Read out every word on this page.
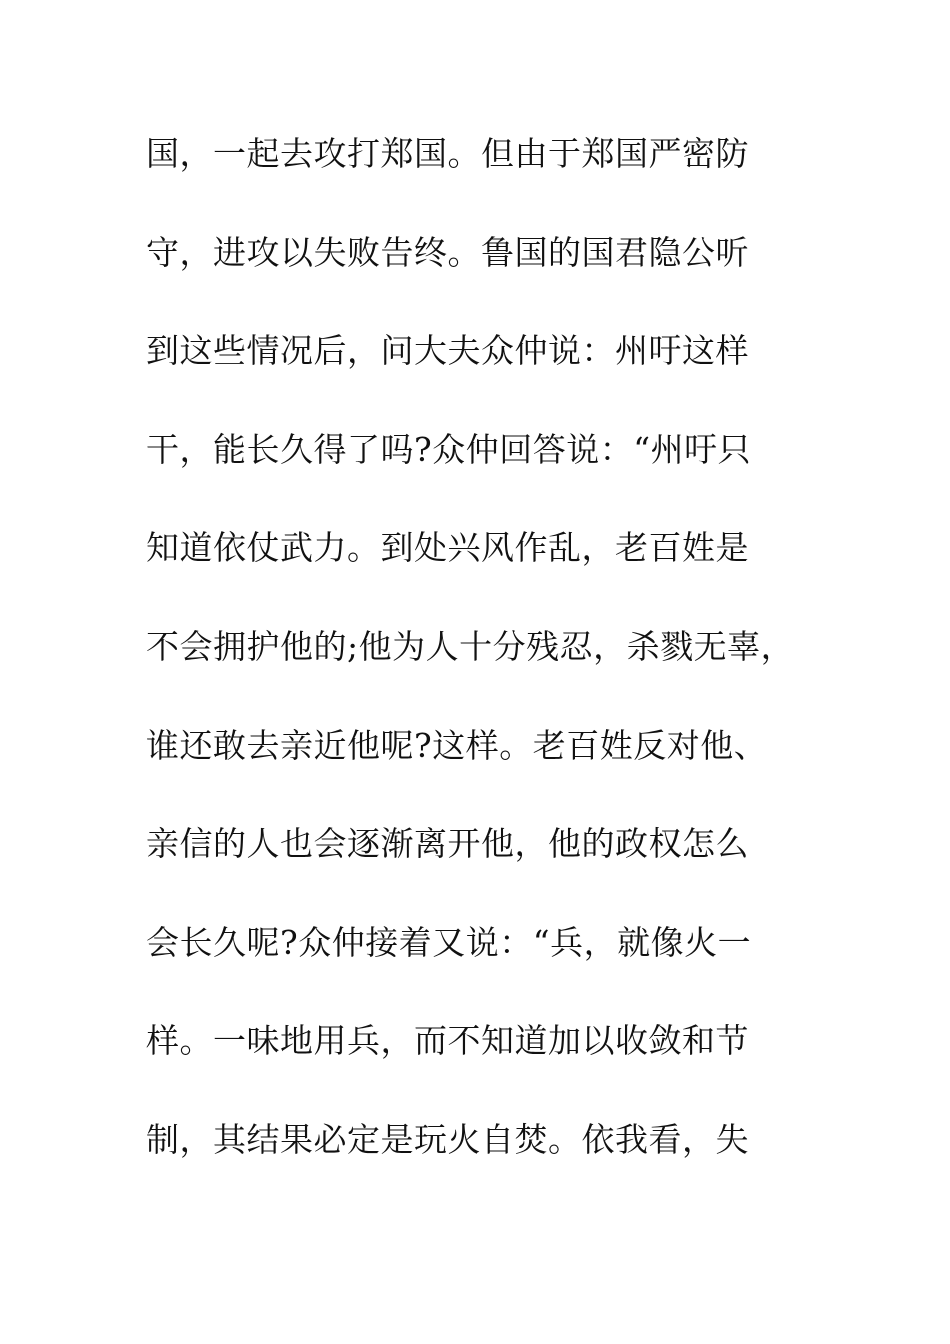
国，一起去攻打郑国。但由于郑国严密防
守，进攻以失败告终。鲁国的国君隐公听
到这些情况后，问大夫众仲说：州吁这样
干，能长久得了吗?众仲回答说：“州吁只
知道依仗武力。到处兴风作乱，老百姓是
不会拥护他的;他为人十分残忍，杀戮无辜，
谁还敢去亲近他呢?这样。老百姓反对他、
亲信的人也会逐渐离开他，他的政权怎么
会长久呢?众仲接着又说：“兵，就像火一
样。一味地用兵，而不知道加以收敛和节
制，其结果必定是玩火自焚。依我看，失
